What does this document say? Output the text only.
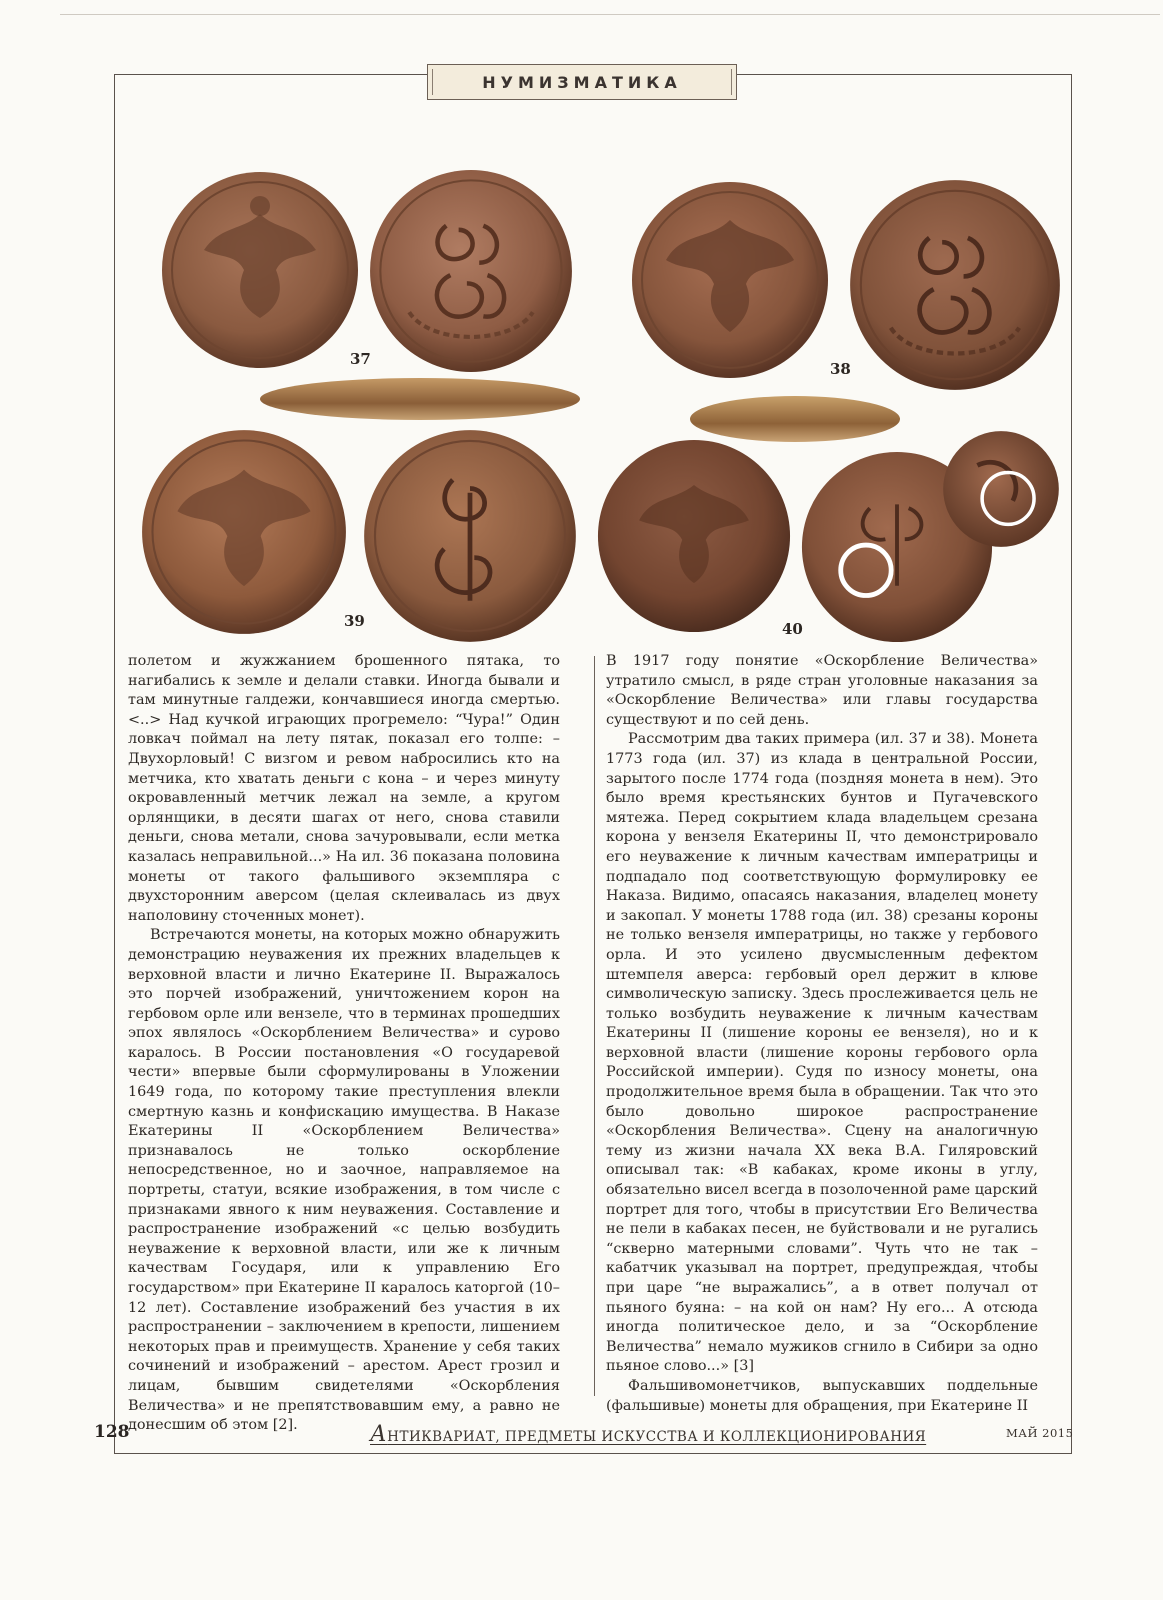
НУМИЗМАТИКА
37
38
39	40

полетом и жужжанием брошенного пятака, то нагибались к земле и делали ставки. Иногда бывали и там минутные галдежи, кончавшиеся иногда смертью. <..> Над кучкой играющих прогремело: “Чура!” Один ловкач поймал на лету пятак, показал его толпе: – Двухорловый! С визгом и ревом набросились кто на метчика, кто хватать деньги с кона – и через минуту окровавленный метчик лежал на земле, а кругом орлянщики, в десяти шагах от него, снова ставили деньги, снова метали, снова зачуровывали, если метка казалась неправильной...» На ил. 36 показана половина монеты от такого фальшивого экземпляра с двухсторонним аверсом (целая склеивалась из двух наполовину сточенных монет).

Встречаются монеты, на которых можно обнаружить демонстрацию неуважения их прежних владельцев к верховной власти и лично Екатерине II. Выражалось это порчей изображений, уничтожением корон на гербовом орле или вензеле, что в терминах прошедших эпох являлось «Оскорблением Величества» и сурово каралось. В России постановления «О государевой чести» впервые были сформулированы в Уложении 1649 года, по которому такие преступления влекли смертную казнь и конфискацию имущества. В Наказе Екатерины II «Оскорблением Величества» признавалось не только оскорбление непосредственное, но и заочное, направляемое на портреты, статуи, всякие изображения, в том числе с признаками явного к ним неуважения. Составление и распространение изображений «с целью возбудить неуважение к верховной власти, или же к личным качествам Государя, или к управлению Его государством» при Екатерине II каралось каторгой (10–12 лет). Составление изображений без участия в их распространении – заключением в крепости, лишением некоторых прав и преимуществ. Хранение у себя таких сочинений и изображений – арестом. Арест грозил и лицам, бывшим свидетелями «Оскорбления Величества» и не препятствовавшим ему, а равно не донесшим об этом [2].

В 1917 году понятие «Оскорбление Величества» утратило смысл, в ряде стран уголовные наказания за «Оскорбление Величества» или главы государства существуют и по сей день.

Рассмотрим два таких примера (ил. 37 и 38). Монета 1773 года (ил. 37) из клада в центральной России, зарытого после 1774 года (поздняя монета в нем). Это было время крестьянских бунтов и Пугачевского мятежа. Перед сокрытием клада владельцем срезана корона у вензеля Екатерины II, что демонстрировало его неуважение к личным качествам императрицы и подпадало под соответствующую формулировку ее Наказа. Видимо, опасаясь наказания, владелец монету и закопал. У монеты 1788 года (ил. 38) срезаны короны не только вензеля императрицы, но также у гербового орла. И это усилено двусмысленным дефектом штемпеля аверса: гербовый орел держит в клюве символическую записку. Здесь прослеживается цель не только возбудить неуважение к личным качествам Екатерины II (лишение короны ее вензеля), но и к верховной власти (лишение короны гербового орла Российской империи). Судя по износу монеты, она продолжительное время была в обращении. Так что это было довольно широкое распространение «Оскорбления Величества». Сцену на аналогичную тему из жизни начала XX века В.А. Гиляровский описывал так: «В кабаках, кроме иконы в углу, обязательно висел всегда в позолоченной раме царский портрет для того, чтобы в присутствии Его Величества не пели в кабаках песен, не буйствовали и не ругались “скверно матерными словами”. Чуть что не так – кабатчик указывал на портрет, предупреждая, чтобы при царе “не выражались”, а в ответ получал от пьяного буяна: – на кой он нам? Ну его... А отсюда иногда политическое дело, и за “Оскорбление Величества” немало мужиков сгнило в Сибири за одно пьяное слово...» [3]

Фальшивомонетчиков, выпускавших поддельные (фальшивые) монеты для обращения, при Екатерине II

128	АНТИКВАРИАТ, ПРЕДМЕТЫ ИСКУССТВА И КОЛЛЕКЦИОНИРОВАНИЯ	МАЙ 2015
